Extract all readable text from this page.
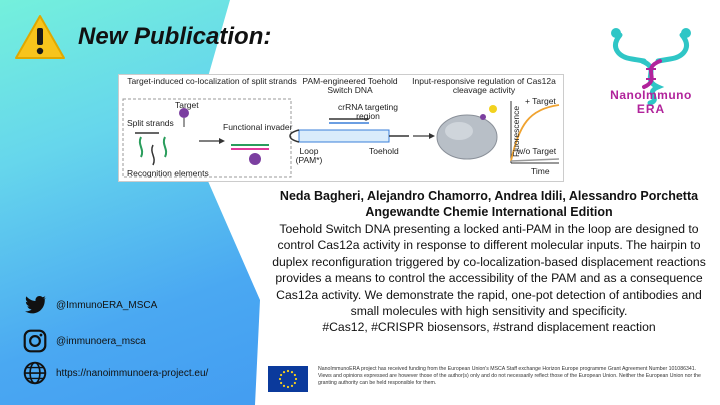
New Publication:
NanoImmuno
ERA
Target-induced co-localization of split strands
Target
Split strands	Functional invader
Recognition elements
PAM-engineered Toehold Switch DNA
crRNA targeting region
Loop (PAM*)
Toehold
Input-responsive regulation of Cas12a cleavage activity
+ Target
w/o Target
Fluorescence
Time
Neda Bagheri, Alejandro Chamorro, Andrea Idili, Alessandro Porchetta
Angewandte Chemie International Edition
Toehold Switch DNA presenting a locked anti-PAM in the loop are designed to control Cas12a activity in response to different molecular inputs. The hairpin to duplex reconfiguration triggered by co-localization-based displacement reactions provides a means to control the accessibility of the PAM and as a consequence Cas12a activity. We demonstrate the rapid, one-pot detection of antibodies and small molecules with high sensitivity and specificity.
#Cas12, #CRISPR biosensors, #strand displacement reaction
@ImmunoERA_MSCA
@immunoera_msca
https://nanoimmunoera-project.eu/	NanoImmunoERA project has received funding from the European Union's MSCA Staff exchange Horizon Europe programme Grant Agreement Number 101086341. Views and opinions expressed are however those of the author(s) only and do not necessarily reflect those of the European Union. Neither the European Union nor the granting authority can be held responsible for them.
